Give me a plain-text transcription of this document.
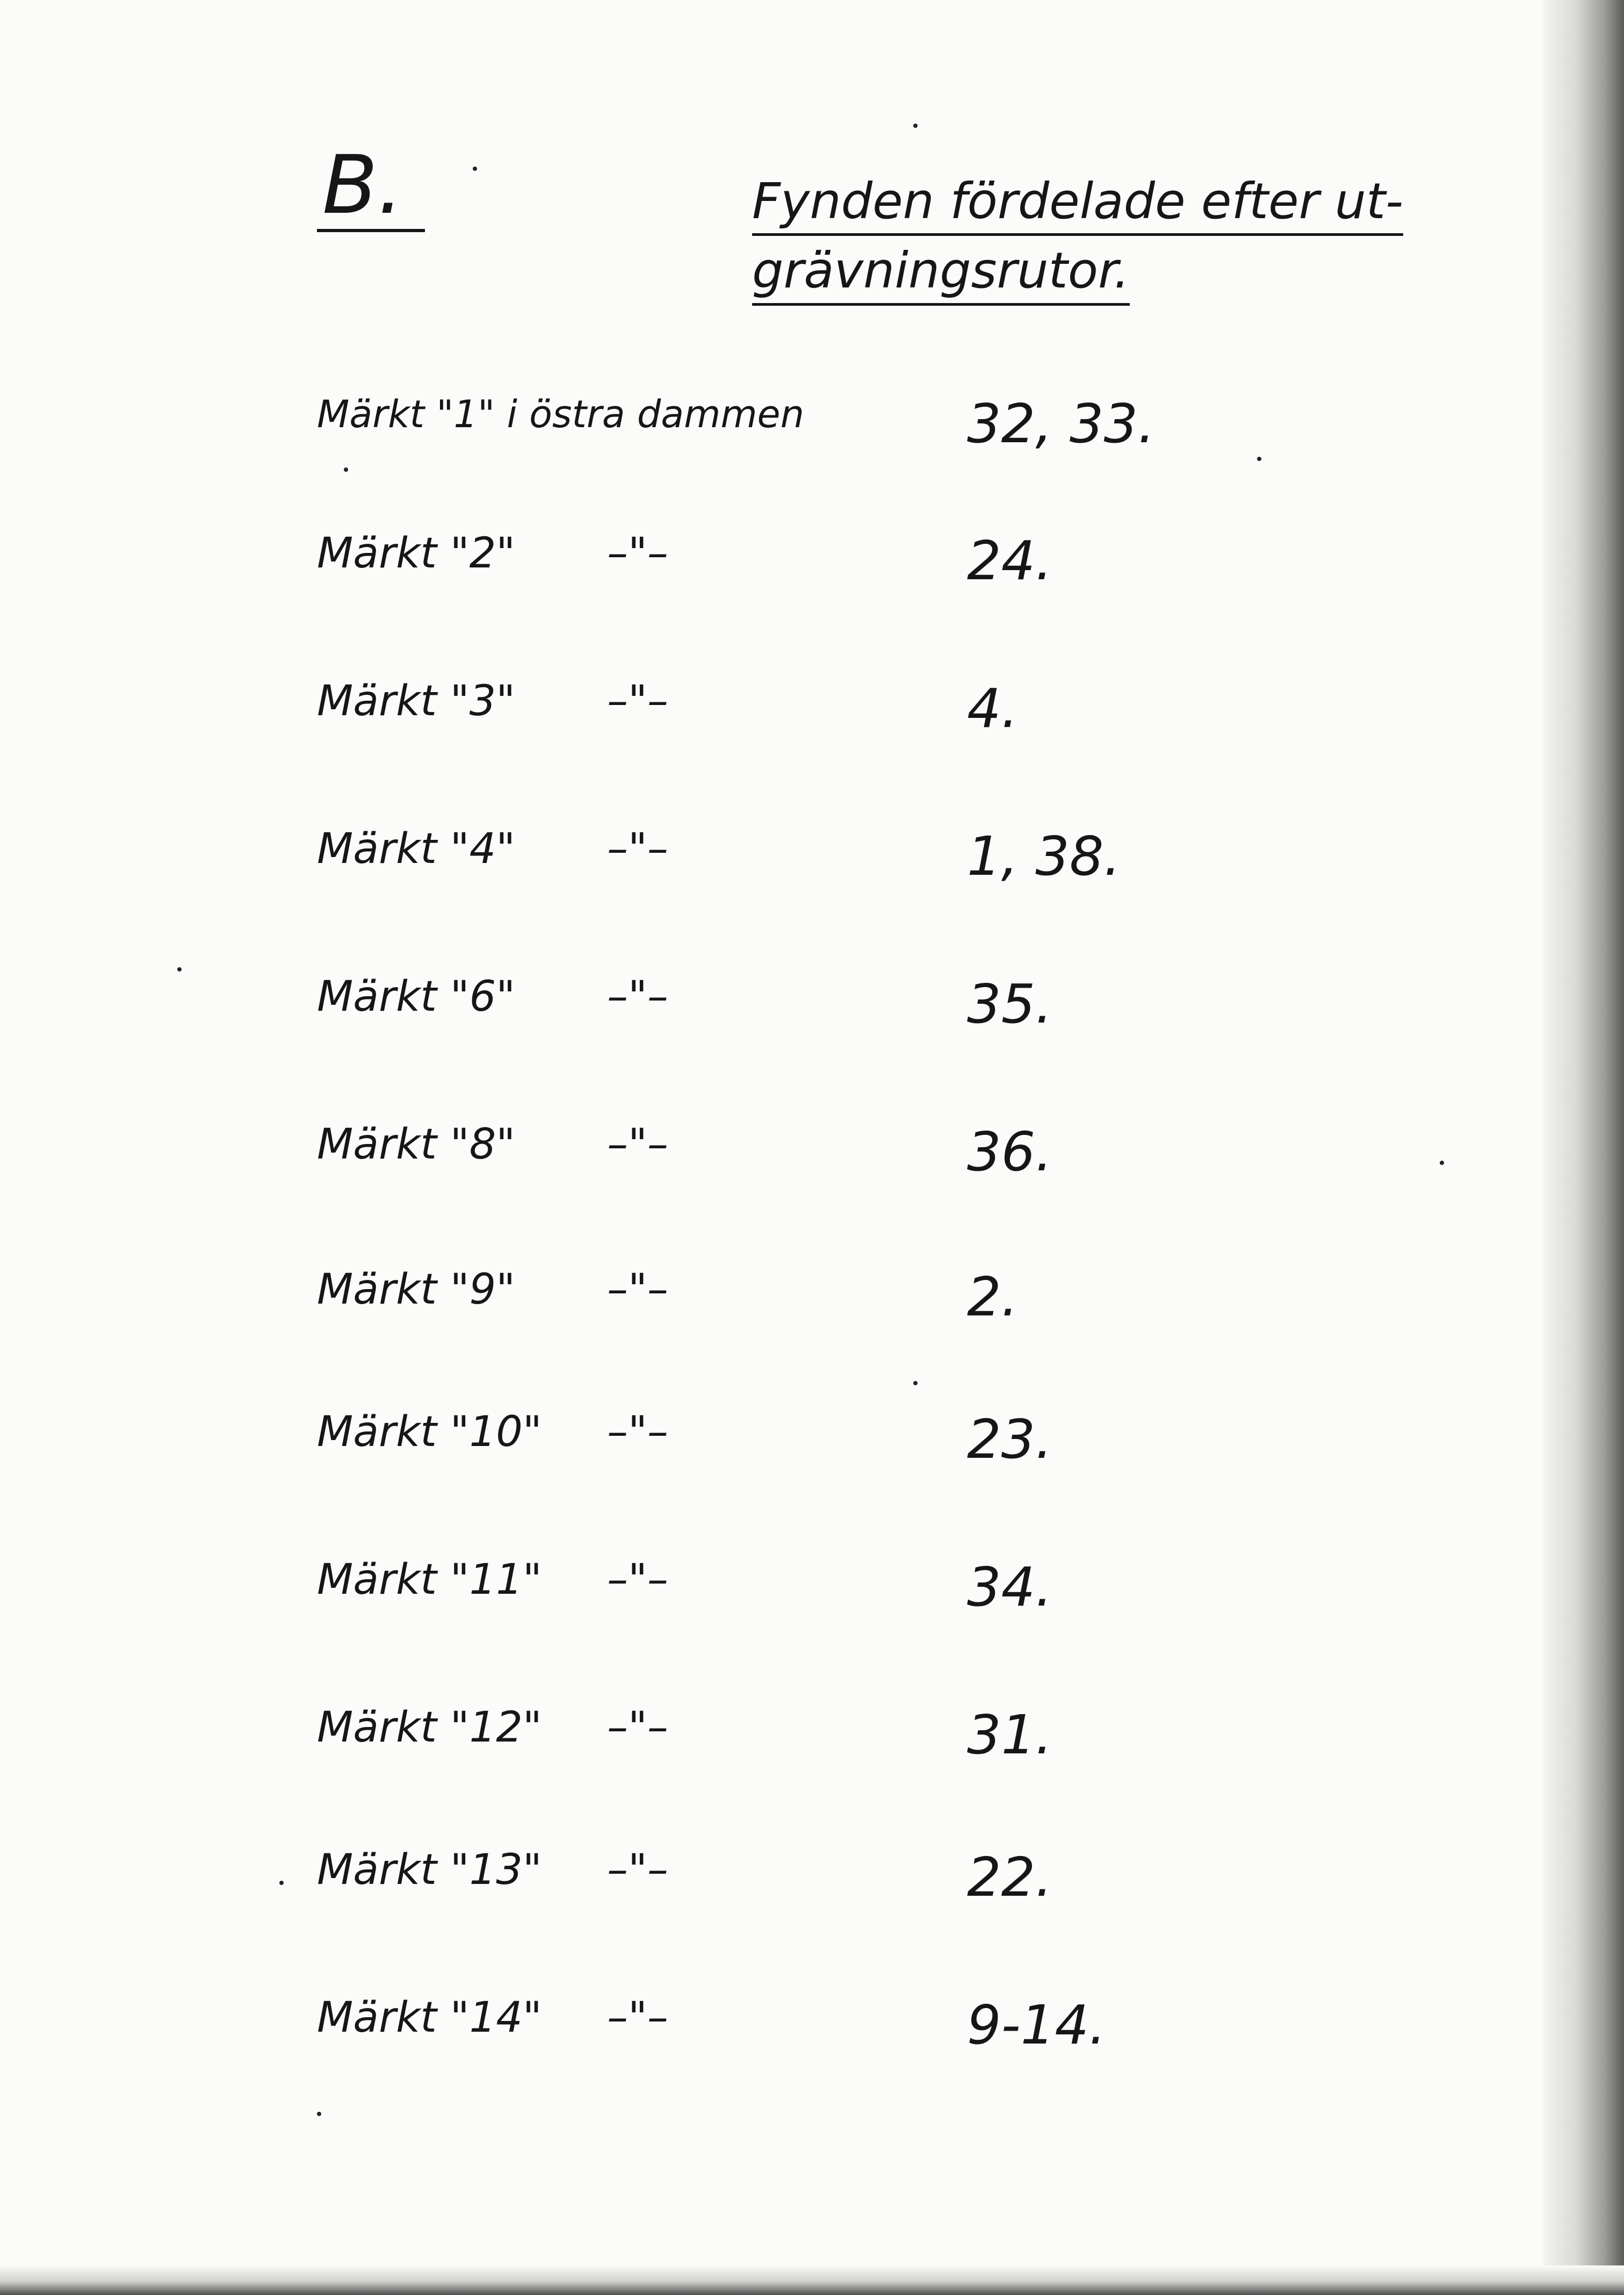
B.	Fynden fördelade efter ut-
grävningsrutor.
Märkt "1" i östra dammen	32, 33.
Märkt "2" –"–	24.
Märkt "3" –"–	4.
Märkt "4" –"–	1, 38.
Märkt "6" –"–	35.
Märkt "8" –"–	36.
Märkt "9" –"–	2.
Märkt "10" –"–	23.
Märkt "11" –"–	34.
Märkt "12" –"–	31.
Märkt "13" –"–	22.
Märkt "14" –"–	9-14.
